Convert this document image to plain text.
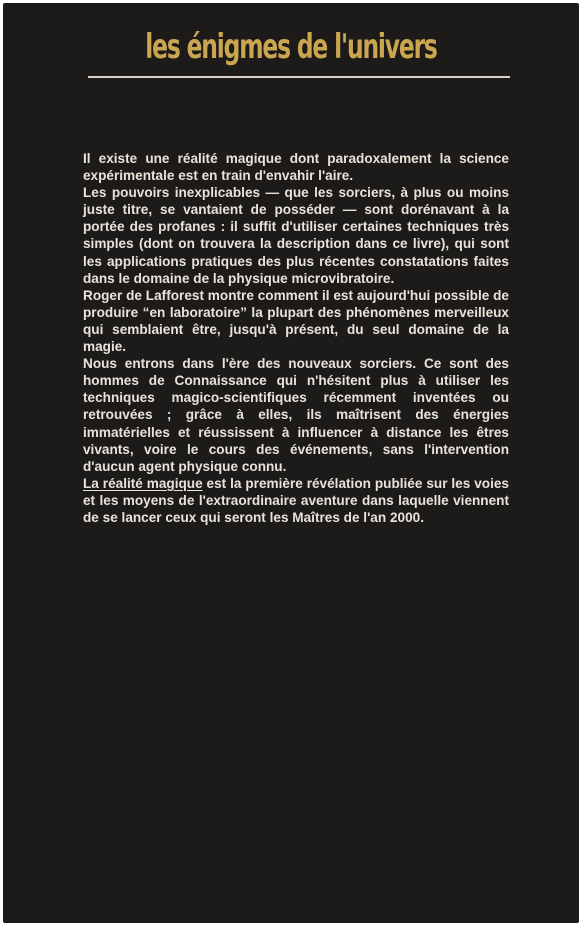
les énigmes de l'univers

Il existe une réalité magique dont paradoxalement la science expérimentale est en train d'envahir l'aire.

Les pouvoirs inexplicables — que les sorciers, à plus ou moins juste titre, se vantaient de posséder — sont dorénavant à la portée des profanes : il suffit d'utiliser certaines techniques très simples (dont on trouvera la description dans ce livre), qui sont les applications pratiques des plus récentes constatations faites dans le domaine de la physique microvibratoire.

Roger de Lafforest montre comment il est aujourd'hui possible de produire “en laboratoire” la plupart des phénomènes merveilleux qui semblaient être, jusqu'à présent, du seul domaine de la magie.

Nous entrons dans l'ère des nouveaux sorciers. Ce sont des hommes de Connaissance qui n'hésitent plus à utiliser les techniques magico-scientifiques récemment inventées ou retrouvées ; grâce à elles, ils maîtrisent des énergies immatérielles et réussissent à influencer à distance les êtres vivants, voire le cours des événements, sans l'intervention d'aucun agent physique connu.

La réalité magique est la première révélation publiée sur les voies et les moyens de l'extraordinaire aventure dans laquelle viennent de se lancer ceux qui seront les Maîtres de l'an 2000.
